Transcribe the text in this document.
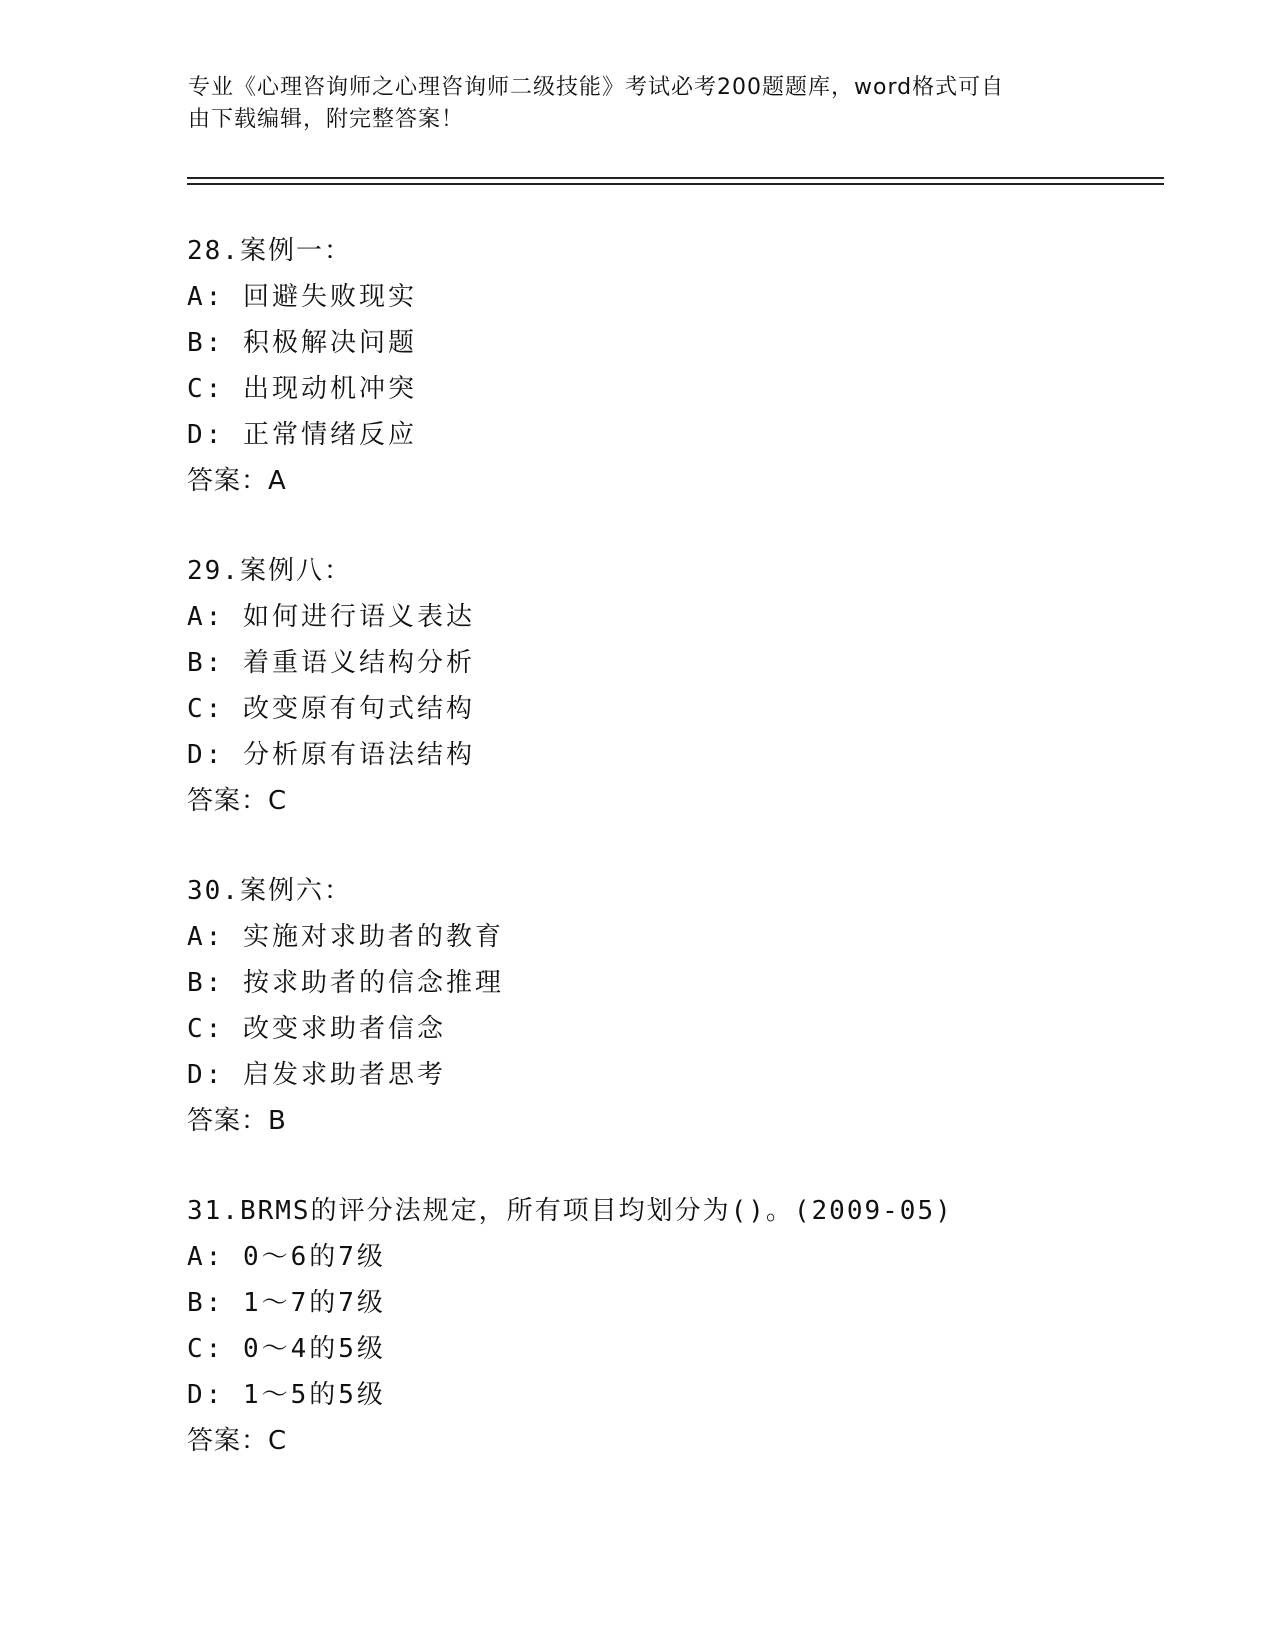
专业《心理咨询师之心理咨询师二级技能》考试必考200题题库，word格式可自
由下载编辑，附完整答案！
28.案例一：
A: 回避失败现实
B: 积极解决问题
C: 出现动机冲突
D: 正常情绪反应
答案：A
29.案例八：
A: 如何进行语义表达
B: 着重语义结构分析
C: 改变原有句式结构
D: 分析原有语法结构
答案：C
30.案例六：
A: 实施对求助者的教育
B: 按求助者的信念推理
C: 改变求助者信念
D: 启发求助者思考
答案：B
31.BRMS的评分法规定，所有项目均划分为()。(2009-05)
A: 0～6的7级
B: 1～7的7级
C: 0～4的5级
D: 1～5的5级
答案：C
